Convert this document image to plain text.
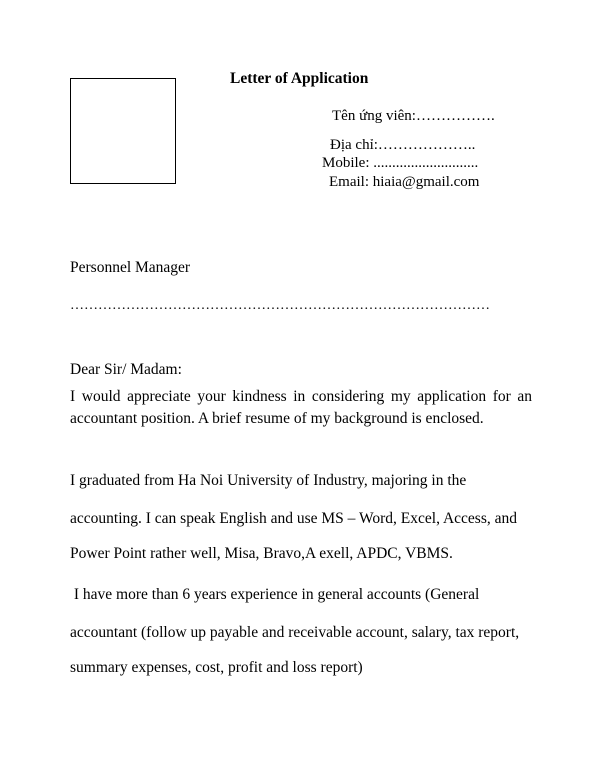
Letter of Application
Tên ứng viên:…………….
Địa chỉ:………………..
Mobile: ............................
Email: hiaia@gmail.com
Personnel Manager
………………………………………………………………………………
Dear Sir/ Madam:
I would appreciate your kindness in considering my application for an accountant position. A brief resume of my background is enclosed.
I graduated from Ha Noi University of Industry, majoring in the
accounting. I can speak English and use MS – Word, Excel, Access, and
Power Point rather well, Misa, Bravo,A exell, APDC, VBMS.
I have more than 6 years experience in general accounts (General
accountant (follow up payable and receivable account, salary, tax report,
summary expenses, cost, profit and loss report)
